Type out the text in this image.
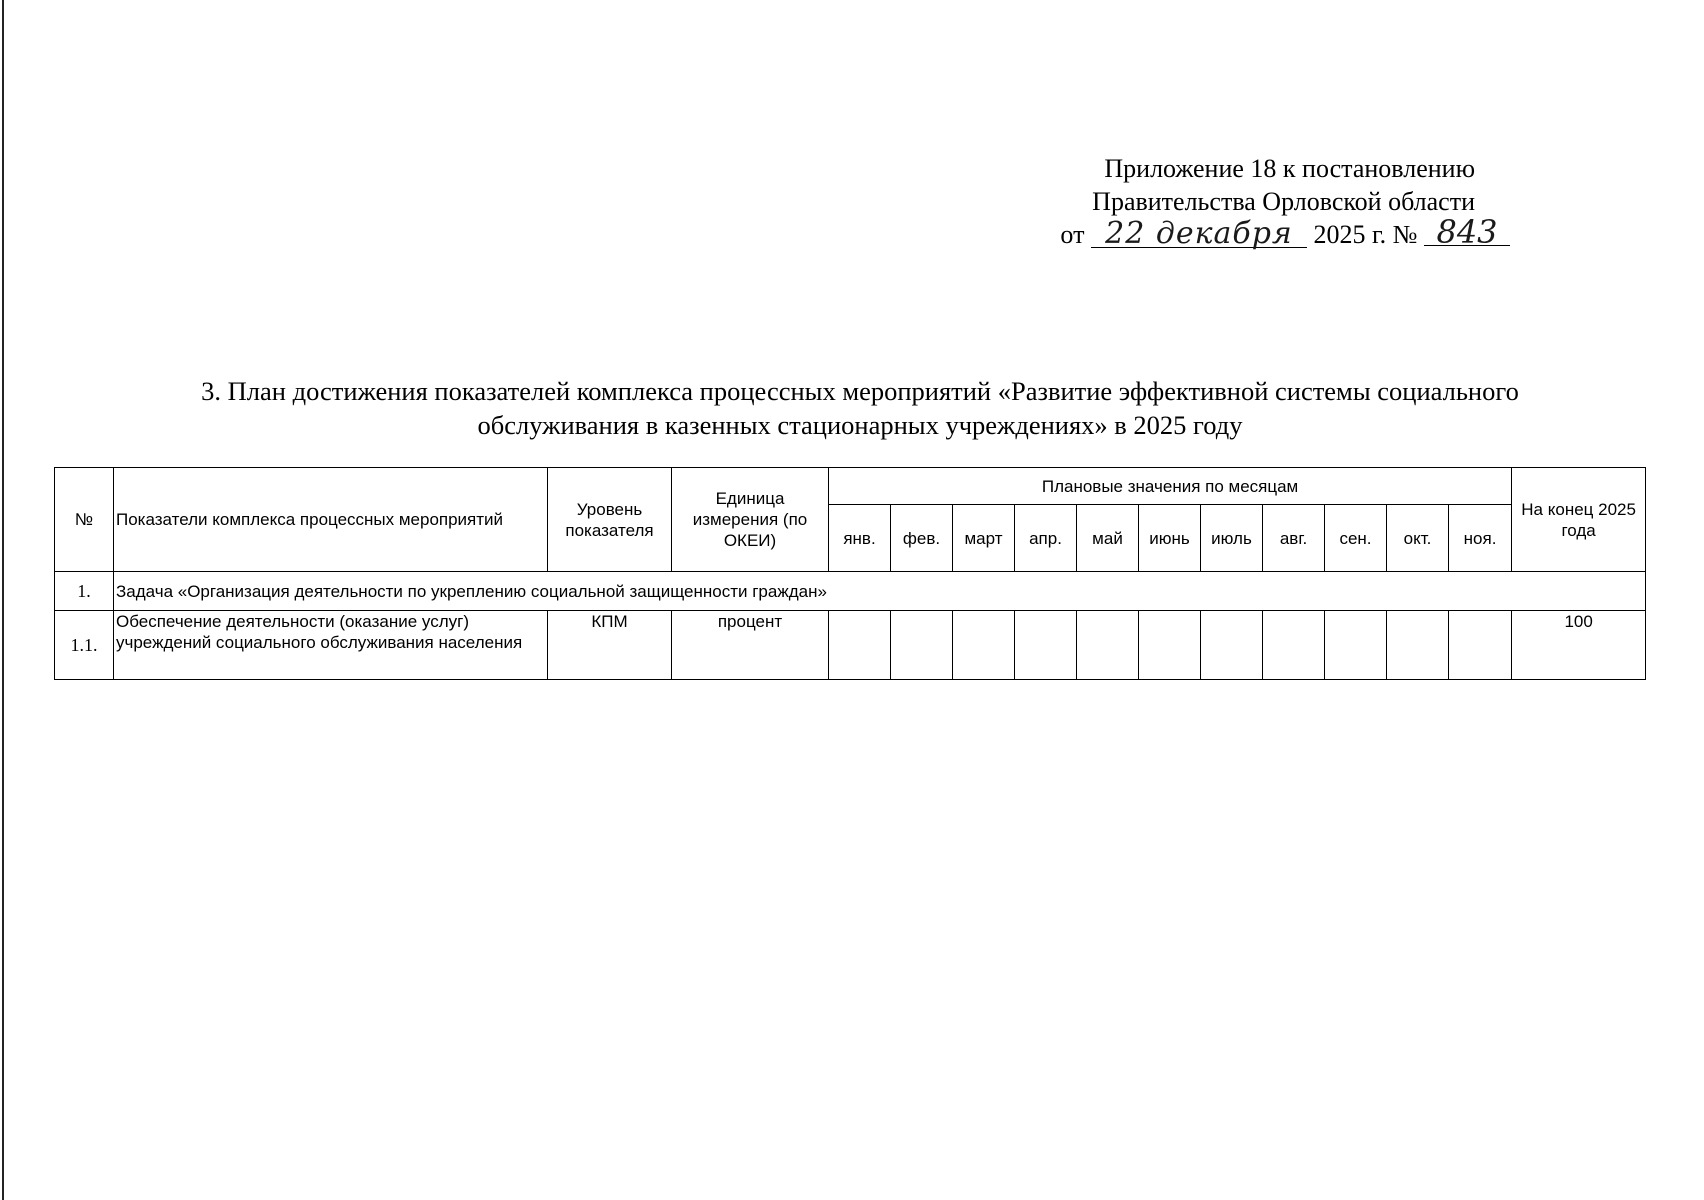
Приложение 18 к постановлению
Правительства Орловской области
от 22 декабря 2025 г. № 843
3. План достижения показателей комплекса процессных мероприятий «Развитие эффективной системы социального
обслуживания в казенных стационарных учреждениях» в 2025 году
№	Показатели комплекса процессных мероприятий	Уровень показателя	Единица измерения (по ОКЕИ)	Плановые значения по месяцам											На конец 2025 года
				янв.	фев.	март	апр.	май	июнь	июль	авг.	сен.	окт.	ноя.	
1.	Задача «Организация деятельности по укреплению социальной защищенности граждан»														
1.1.	Обеспечение деятельности (оказание услуг) учреждений социального обслуживания населения	КПМ	процент												100
